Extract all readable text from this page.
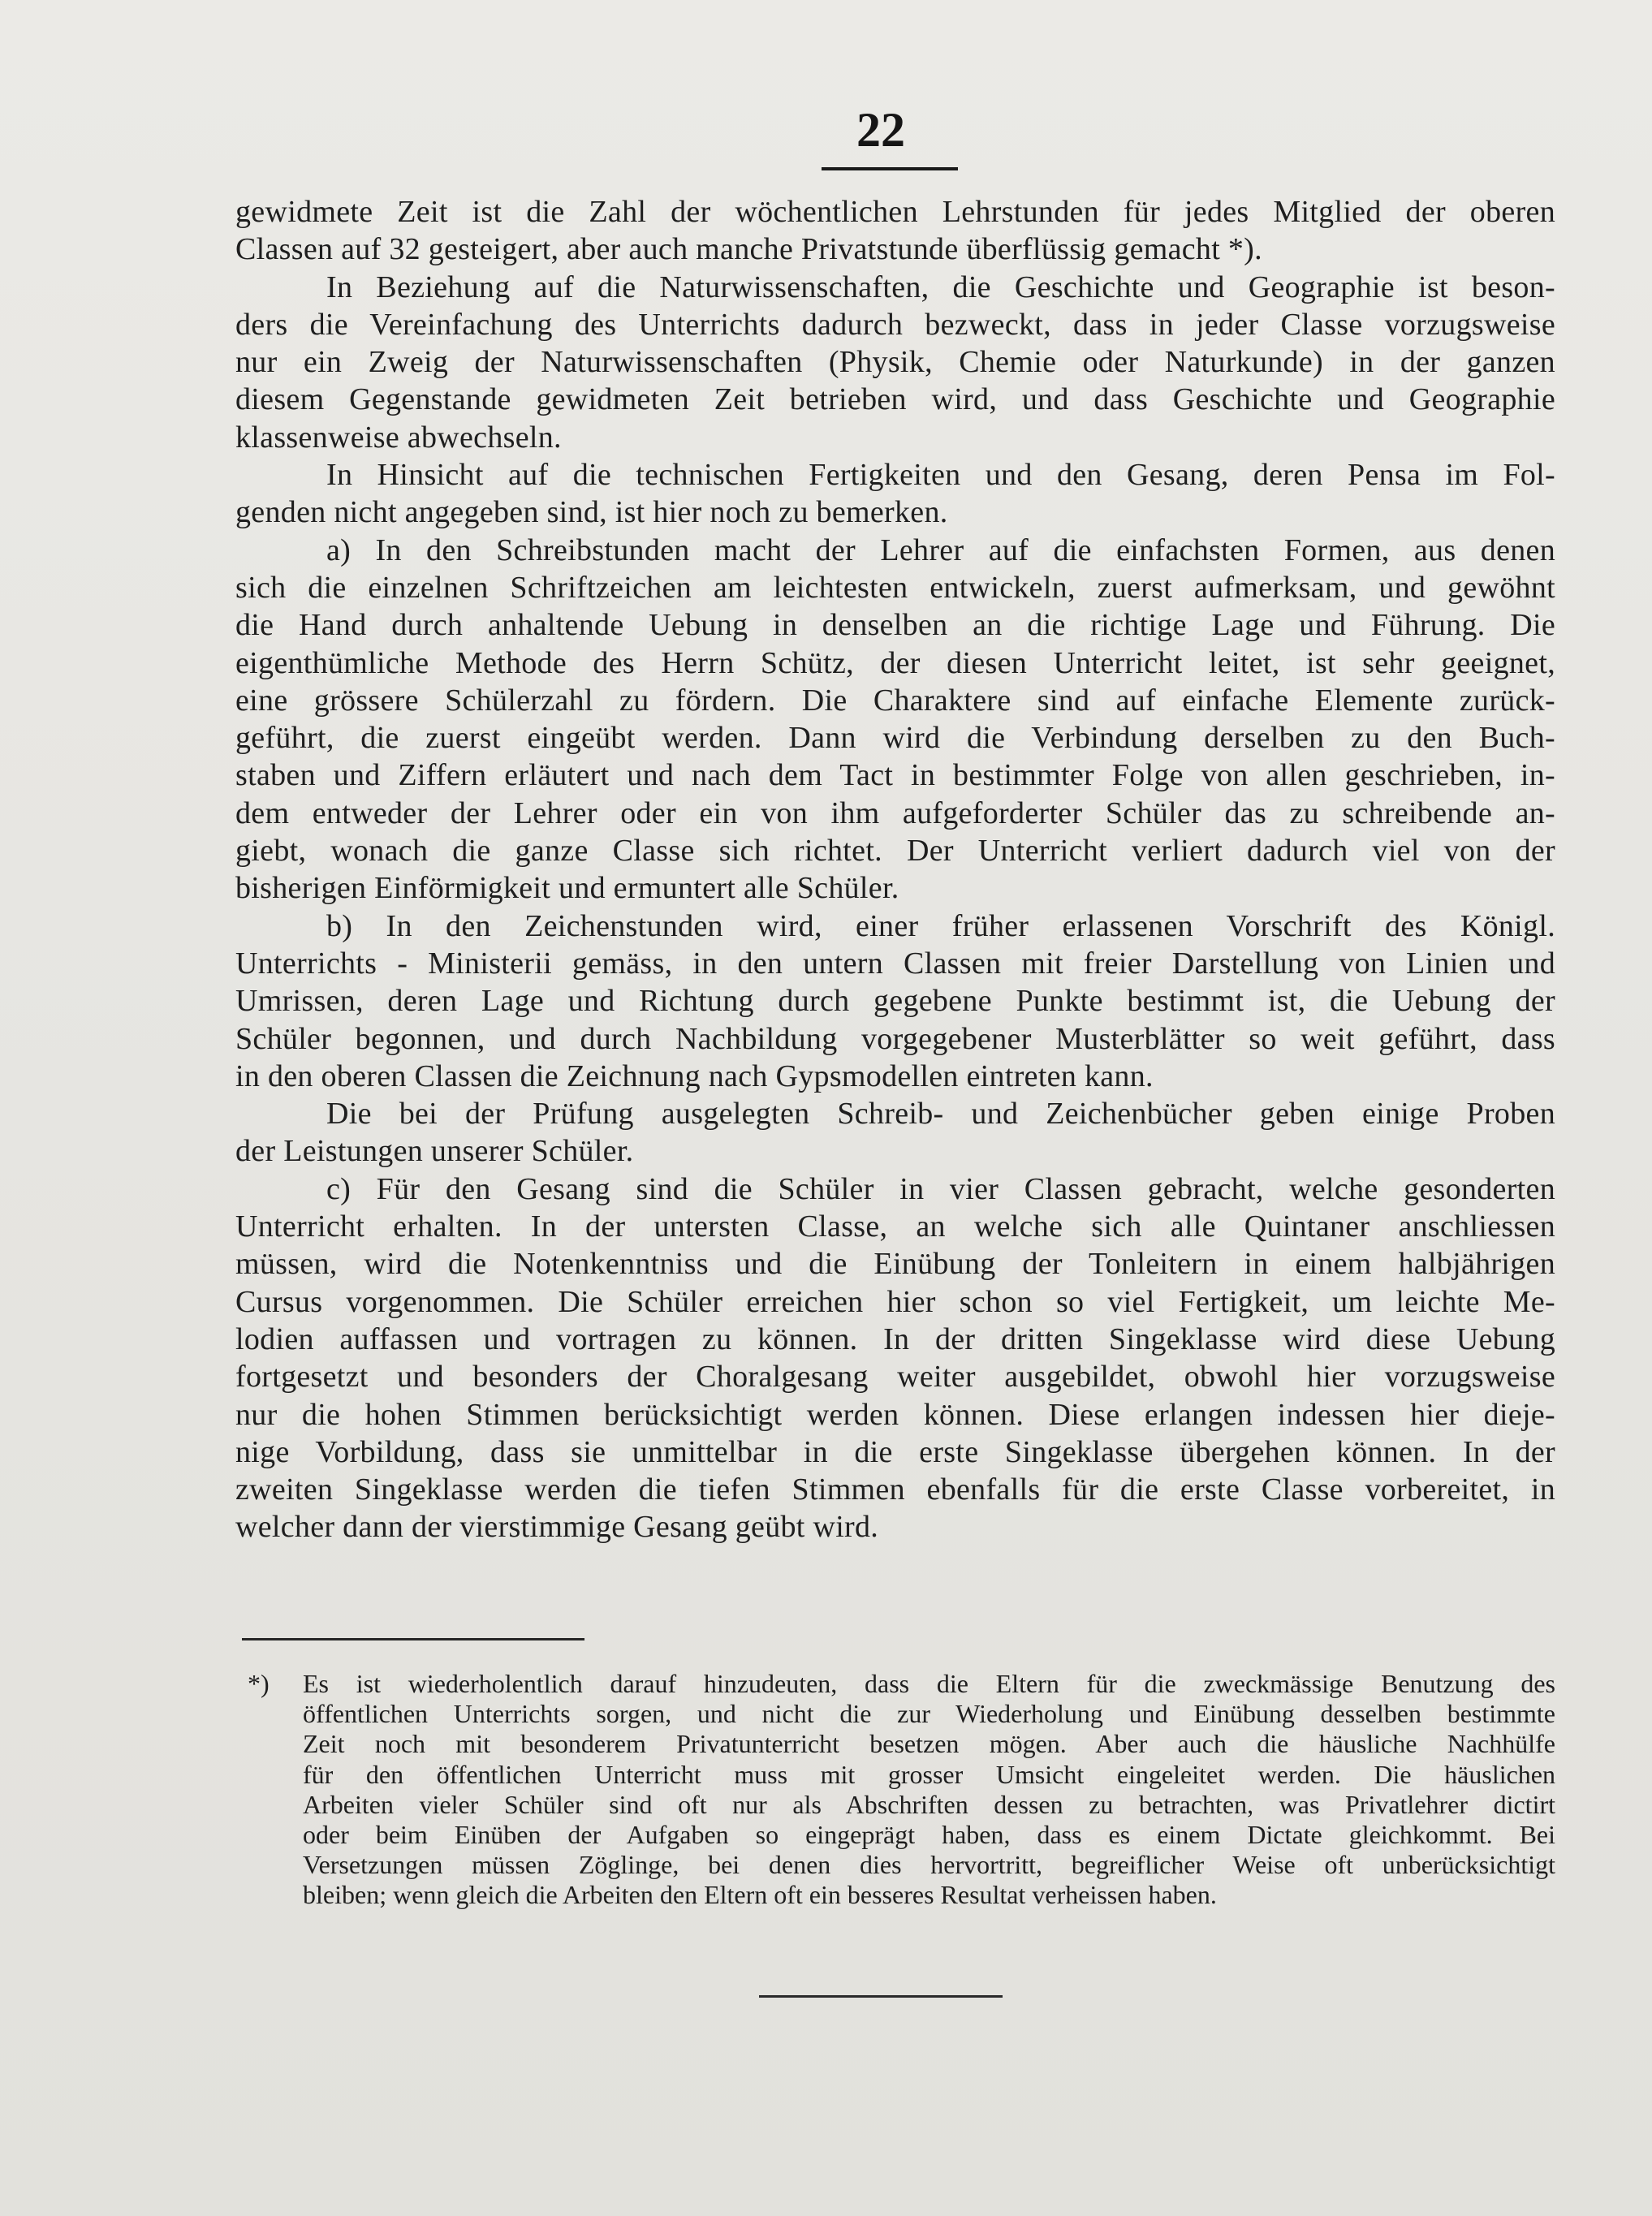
22
gewidmete Zeit ist die Zahl der wöchentlichen Lehrstunden für jedes Mitglied der oberen
Classen auf 32 gesteigert, aber auch manche Privatstunde überflüssig gemacht *).
In Beziehung auf die Naturwissenschaften, die Geschichte und Geographie ist beson-
ders die Vereinfachung des Unterrichts dadurch bezweckt, dass in jeder Classe vorzugsweise
nur ein Zweig der Naturwissenschaften (Physik, Chemie oder Naturkunde) in der ganzen
diesem Gegenstande gewidmeten Zeit betrieben wird, und dass Geschichte und Geographie
klassenweise abwechseln.
In Hinsicht auf die technischen Fertigkeiten und den Gesang, deren Pensa im Fol-
genden nicht angegeben sind, ist hier noch zu bemerken.
a) In den Schreibstunden macht der Lehrer auf die einfachsten Formen, aus denen
sich die einzelnen Schriftzeichen am leichtesten entwickeln, zuerst aufmerksam, und gewöhnt
die Hand durch anhaltende Uebung in denselben an die richtige Lage und Führung. Die
eigenthümliche Methode des Herrn Schütz, der diesen Unterricht leitet, ist sehr geeignet,
eine grössere Schülerzahl zu fördern. Die Charaktere sind auf einfache Elemente zurück-
geführt, die zuerst eingeübt werden. Dann wird die Verbindung derselben zu den Buch-
staben und Ziffern erläutert und nach dem Tact in bestimmter Folge von allen geschrieben, in-
dem entweder der Lehrer oder ein von ihm aufgeforderter Schüler das zu schreibende an-
giebt, wonach die ganze Classe sich richtet. Der Unterricht verliert dadurch viel von der
bisherigen Einförmigkeit und ermuntert alle Schüler.
b) In den Zeichenstunden wird, einer früher erlassenen Vorschrift des Königl.
Unterrichts - Ministerii gemäss, in den untern Classen mit freier Darstellung von Linien und
Umrissen, deren Lage und Richtung durch gegebene Punkte bestimmt ist, die Uebung der
Schüler begonnen, und durch Nachbildung vorgegebener Musterblätter so weit geführt, dass
in den oberen Classen die Zeichnung nach Gypsmodellen eintreten kann.
Die bei der Prüfung ausgelegten Schreib- und Zeichenbücher geben einige Proben
der Leistungen unserer Schüler.
c) Für den Gesang sind die Schüler in vier Classen gebracht, welche gesonderten
Unterricht erhalten. In der untersten Classe, an welche sich alle Quintaner anschliessen
müssen, wird die Notenkenntniss und die Einübung der Tonleitern in einem halbjährigen
Cursus vorgenommen. Die Schüler erreichen hier schon so viel Fertigkeit, um leichte Me-
lodien auffassen und vortragen zu können. In der dritten Singeklasse wird diese Uebung
fortgesetzt und besonders der Choralgesang weiter ausgebildet, obwohl hier vorzugsweise
nur die hohen Stimmen berücksichtigt werden können. Diese erlangen indessen hier dieje-
nige Vorbildung, dass sie unmittelbar in die erste Singeklasse übergehen können. In der
zweiten Singeklasse werden die tiefen Stimmen ebenfalls für die erste Classe vorbereitet, in
welcher dann der vierstimmige Gesang geübt wird.
*)	Es ist wiederholentlich darauf hinzudeuten, dass die Eltern für die zweckmässige Benutzung des
öffentlichen Unterrichts sorgen, und nicht die zur Wiederholung und Einübung desselben bestimmte
Zeit noch mit besonderem Privatunterricht besetzen mögen. Aber auch die häusliche Nachhülfe
für den öffentlichen Unterricht muss mit grosser Umsicht eingeleitet werden. Die häuslichen
Arbeiten vieler Schüler sind oft nur als Abschriften dessen zu betrachten, was Privatlehrer dictirt
oder beim Einüben der Aufgaben so eingeprägt haben, dass es einem Dictate gleichkommt. Bei
Versetzungen müssen Zöglinge, bei denen dies hervortritt, begreiflicher Weise oft unberücksichtigt
bleiben; wenn gleich die Arbeiten den Eltern oft ein besseres Resultat verheissen haben.
